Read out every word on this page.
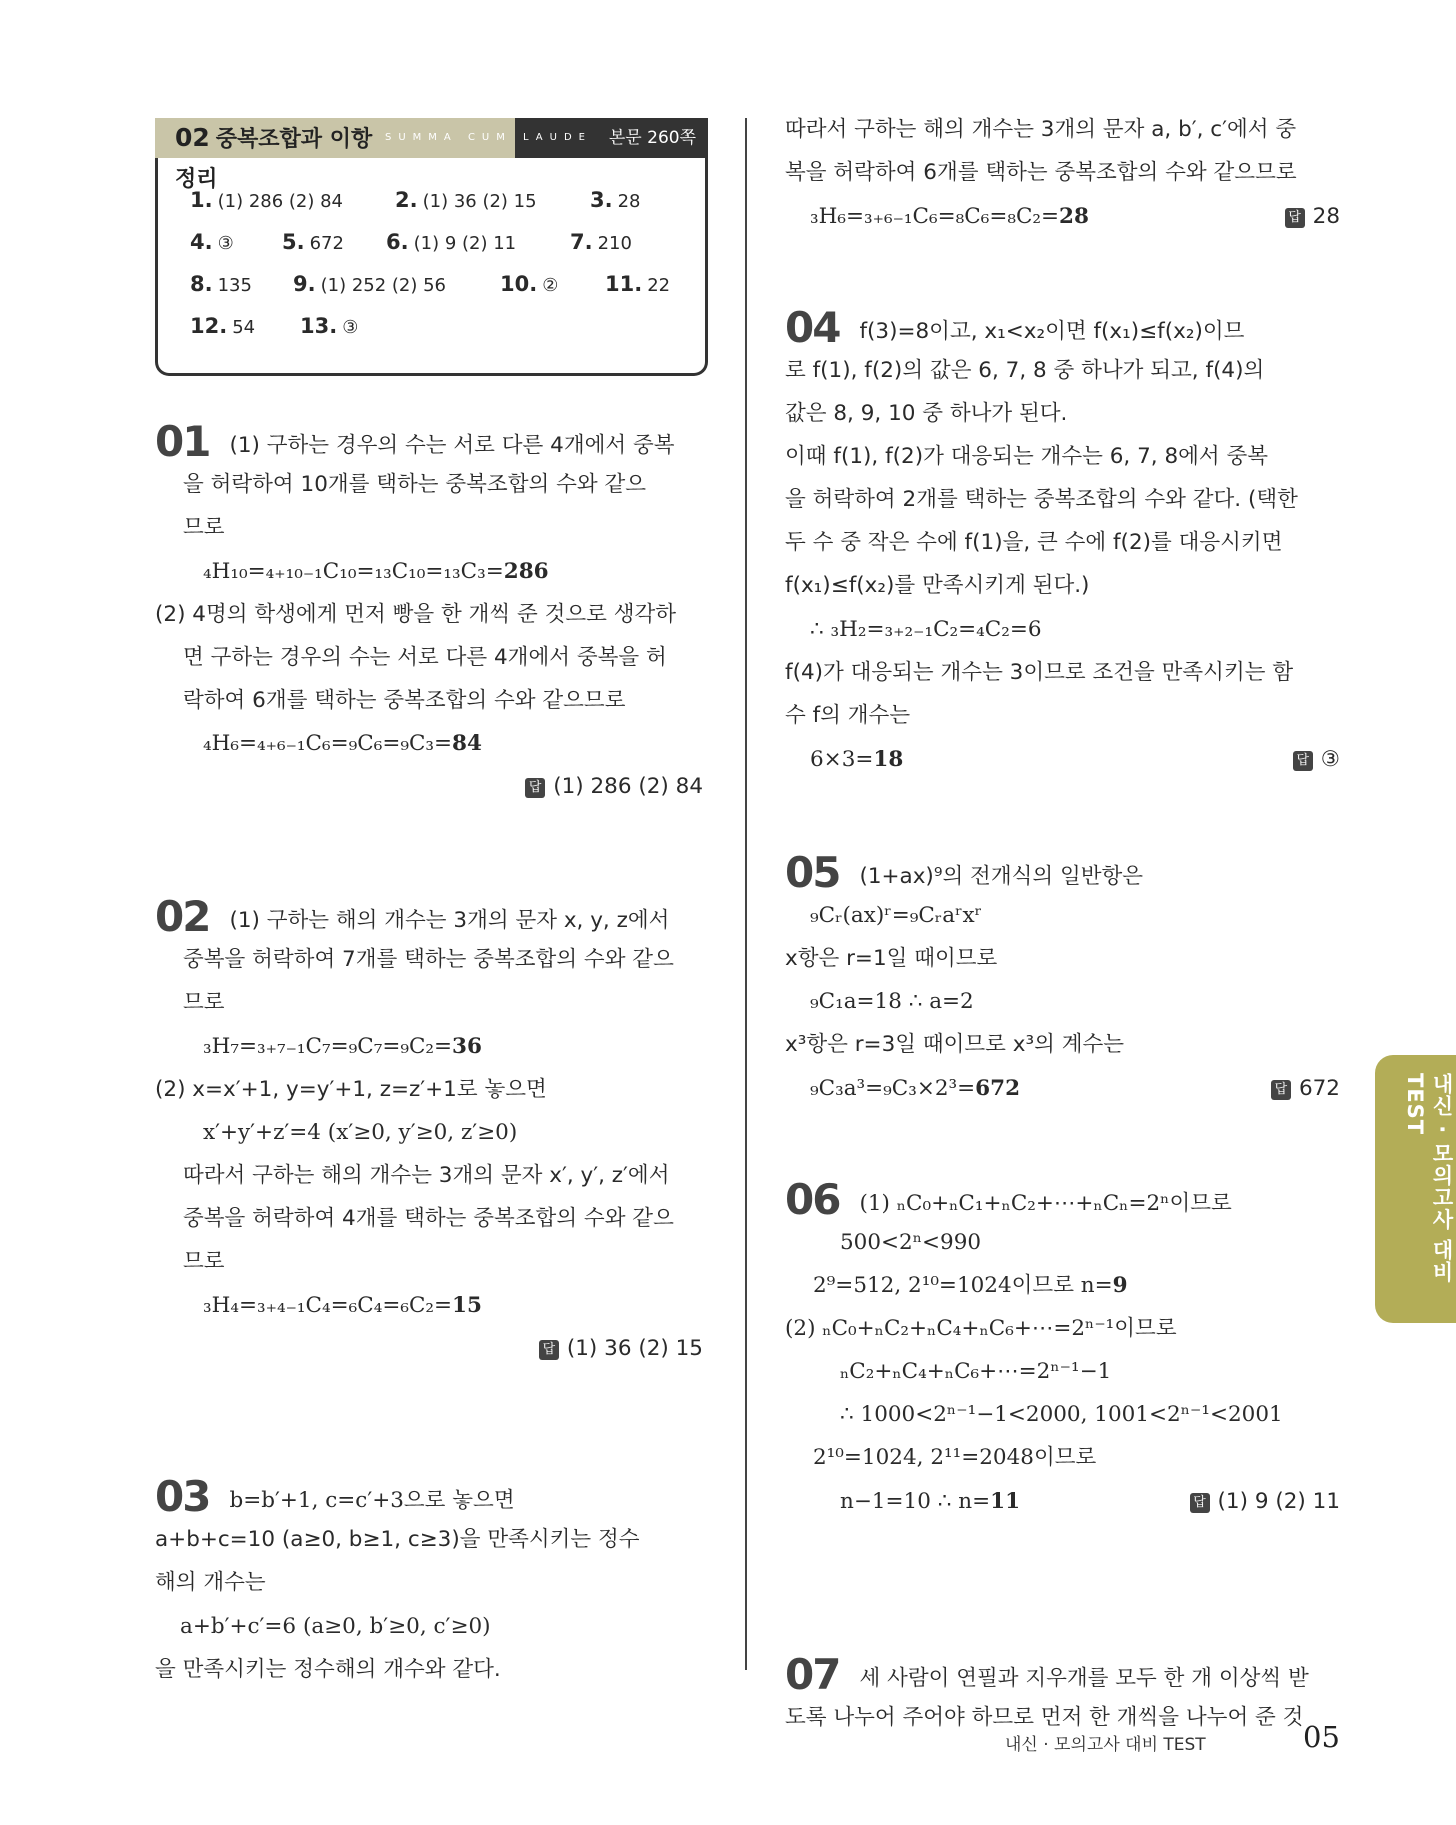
02 중복조합과 이항정리
SUMMA CUM	LAUDE 본문 260쪽
1. (1) 286 (2) 84 2. (1) 36 (2) 15	3. 28
4. ③ 5. 672 6. (1) 9 (2) 11	7. 210
8. 135 9. (1) 252 (2) 56	10. ② 11. 22
12. 54 13. ③
01 (1) 구하는 경우의 수는 서로 다른 4개에서 중복
을 허락하여 10개를 택하는 중복조합의 수와 같으
므로
₄H₁₀=₄₊₁₀₋₁C₁₀=₁₃C₁₀=₁₃C₃=286
(2) 4명의 학생에게 먼저 빵을 한 개씩 준 것으로 생각하
면 구하는 경우의 수는 서로 다른 4개에서 중복을 허
락하여 6개를 택하는 중복조합의 수와 같으므로
₄H₆=₄₊₆₋₁C₆=₉C₆=₉C₃=84
답 (1) 286 (2) 84
02 (1) 구하는 해의 개수는 3개의 문자 x, y, z에서
중복을 허락하여 7개를 택하는 중복조합의 수와 같으
므로
₃H₇=₃₊₇₋₁C₇=₉C₇=₉C₂=36
(2) x=x′+1, y=y′+1, z=z′+1로 놓으면
x′+y′+z′=4 (x′≥0, y′≥0, z′≥0)
따라서 구하는 해의 개수는 3개의 문자 x′, y′, z′에서
중복을 허락하여 4개를 택하는 중복조합의 수와 같으
므로
₃H₄=₃₊₄₋₁C₄=₆C₄=₆C₂=15
답 (1) 36 (2) 15
03 b=b′+1, c=c′+3으로 놓으면
a+b+c=10 (a≥0, b≥1, c≥3)을 만족시키는 정수
해의 개수는
a+b′+c′=6 (a≥0, b′≥0, c′≥0)
을 만족시키는 정수해의 개수와 같다.
따라서 구하는 해의 개수는 3개의 문자 a, b′, c′에서 중
복을 허락하여 6개를 택하는 중복조합의 수와 같으므로
₃H₆=₃₊₆₋₁C₆=₈C₆=₈C₂=28	답 28
04 f(3)=8이고, x₁<x₂이면 f(x₁)≤f(x₂)이므
로 f(1), f(2)의 값은 6, 7, 8 중 하나가 되고, f(4)의
값은 8, 9, 10 중 하나가 된다.
이때 f(1), f(2)가 대응되는 개수는 6, 7, 8에서 중복
을 허락하여 2개를 택하는 중복조합의 수와 같다. (택한
두 수 중 작은 수에 f(1)을, 큰 수에 f(2)를 대응시키면
f(x₁)≤f(x₂)를 만족시키게 된다.)
∴ ₃H₂=₃₊₂₋₁C₂=₄C₂=6
f(4)가 대응되는 개수는 3이므로 조건을 만족시키는 함
수 f의 개수는
6×3=18	답 ③
05 (1+ax)⁹의 전개식의 일반항은
₉Cᵣ(ax)ʳ=₉Cᵣaʳxʳ
x항은 r=1일 때이므로
₉C₁a=18 ∴ a=2
x³항은 r=3일 때이므로 x³의 계수는
₉C₃a³=₉C₃×2³=672	답 672
06 (1) ₙC₀+ₙC₁+ₙC₂+⋯+ₙCₙ=2ⁿ이므로
500<2ⁿ<990
2⁹=512, 2¹⁰=1024이므로 n=9
(2) ₙC₀+ₙC₂+ₙC₄+ₙC₆+⋯=2ⁿ⁻¹이므로
ₙC₂+ₙC₄+ₙC₆+⋯=2ⁿ⁻¹−1
∴ 1000<2ⁿ⁻¹−1<2000, 1001<2ⁿ⁻¹<2001
2¹⁰=1024, 2¹¹=2048이므로
n−1=10 ∴ n=11	답 (1) 9 (2) 11
07 세 사람이 연필과 지우개를 모두 한 개 이상씩 받
도록 나누어 주어야 하므로 먼저 한 개씩을 나누어 준 것
내신 · 모의고사 대비 TEST
내신 · 모의고사 대비 TEST	05
